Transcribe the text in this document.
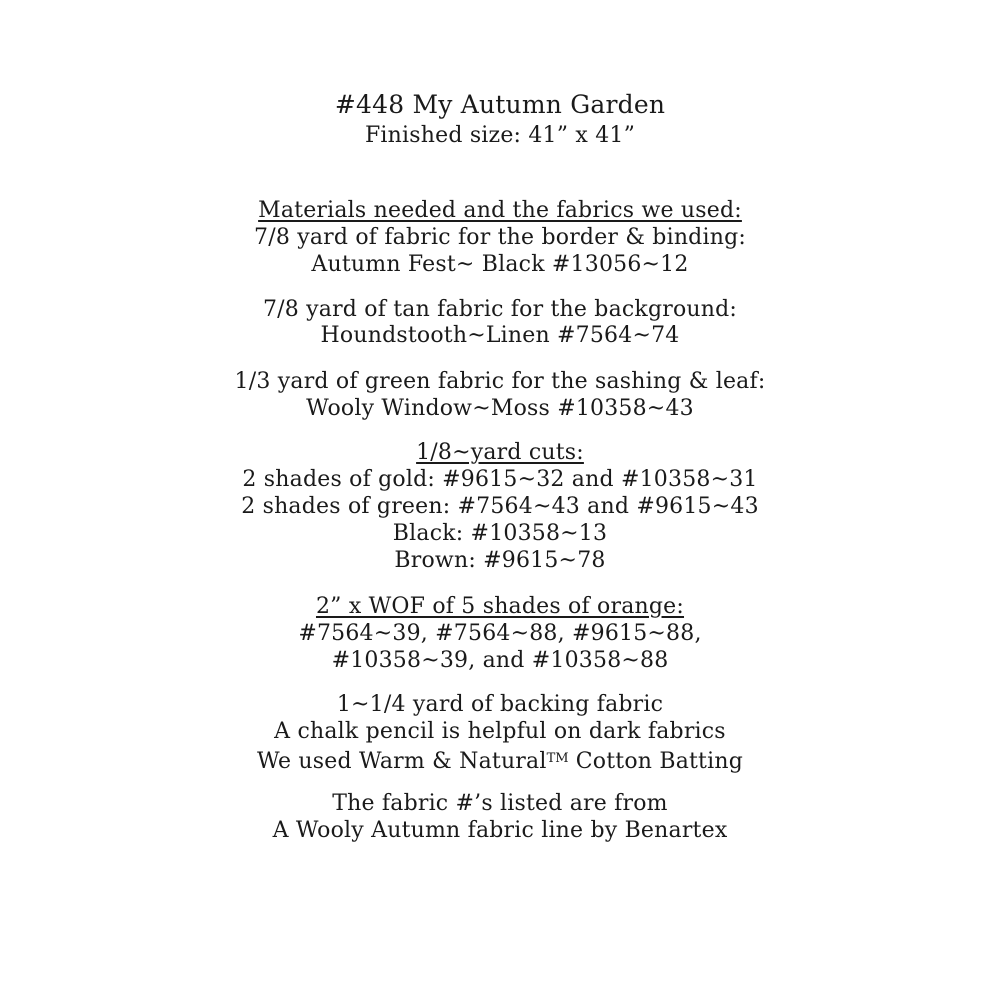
#448 My Autumn Garden
Finished size: 41” x 41”
Materials needed and the fabrics we used:
7/8 yard of fabric for the border & binding:
Autumn Fest~ Black #13056~12
7/8 yard of tan fabric for the background:
Houndstooth~Linen #7564~74
1/3 yard of green fabric for the sashing & leaf:
Wooly Window~Moss #10358~43
1/8~yard cuts:
2 shades of gold: #9615~32 and #10358~31
2 shades of green: #7564~43 and #9615~43
Black: #10358~13
Brown: #9615~78
2” x WOF of 5 shades of orange:
#7564~39, #7564~88, #9615~88,
#10358~39, and #10358~88
1~1/4 yard of backing fabric
A chalk pencil is helpful on dark fabrics
We used Warm & Natural™ Cotton Batting
The fabric #’s listed are from
A Wooly Autumn fabric line by Benartex
